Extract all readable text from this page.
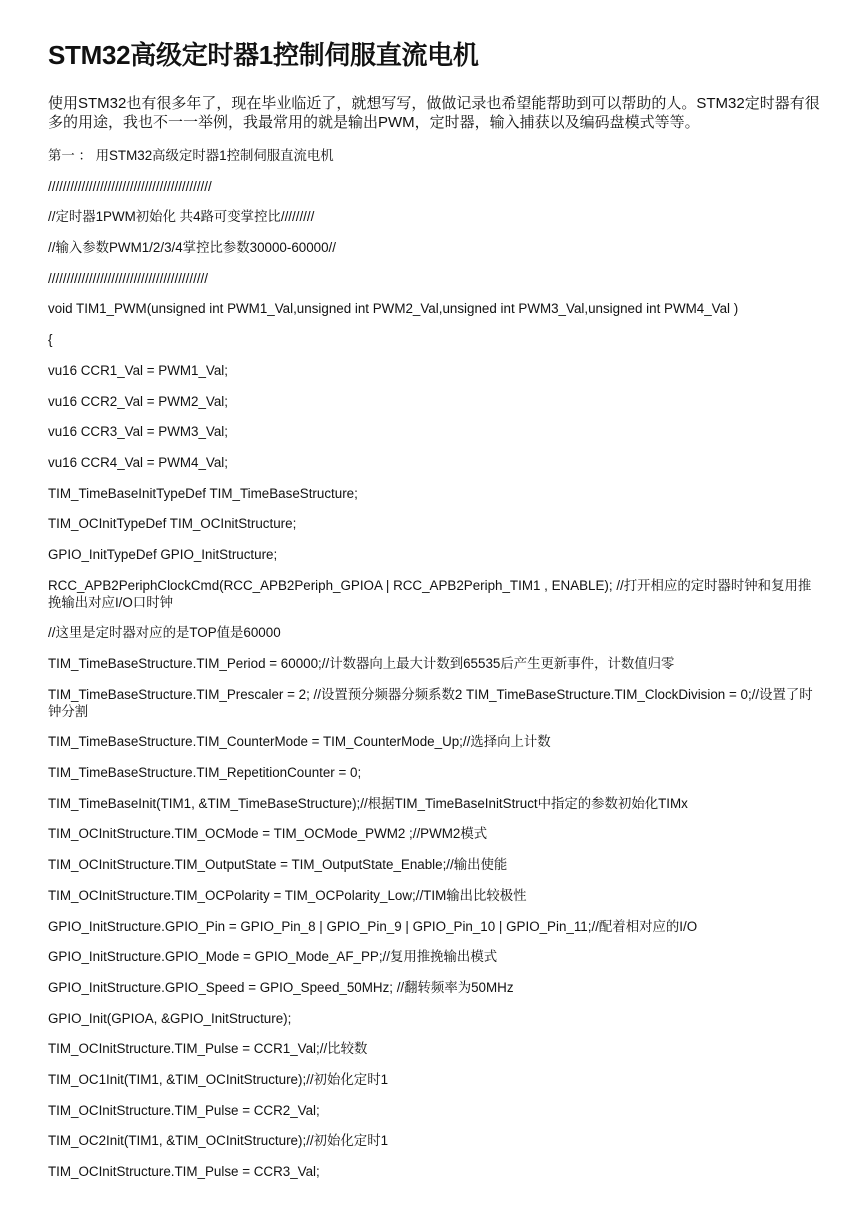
STM32高级定时器1控制伺服直流电机

使用STM32也有很多年了，现在毕业临近了，就想写写，做做记录也希望能帮助到可以帮助的人。STM32定时器有很多的用途，我也不一一举例，我最常用的就是输出PWM，定时器，输入捕获以及编码盘模式等等。

第一 ： 用STM32高级定时器1控制伺服直流电机

////////////////////////////////////////////

//定时器1PWM初始化 共4路可变掌控比/////////

//输入参数PWM1/2/3/4掌控比参数30000-60000//

///////////////////////////////////////////

void TIM1_PWM(unsigned int PWM1_Val,unsigned int PWM2_Val,unsigned int PWM3_Val,unsigned int PWM4_Val )

{

vu16 CCR1_Val = PWM1_Val;

vu16 CCR2_Val = PWM2_Val;

vu16 CCR3_Val = PWM3_Val;

vu16 CCR4_Val = PWM4_Val;

TIM_TimeBaseInitTypeDef TIM_TimeBaseStructure;

TIM_OCInitTypeDef TIM_OCInitStructure;

GPIO_InitTypeDef GPIO_InitStructure;

RCC_APB2PeriphClockCmd(RCC_APB2Periph_GPIOA | RCC_APB2Periph_TIM1 , ENABLE); //打开相应的定时器时钟和复用推挽输出对应I/O口时钟

//这里是定时器对应的是TOP值是60000

TIM_TimeBaseStructure.TIM_Period = 60000;//计数器向上最大计数到65535后产生更新事件，计数值归零

TIM_TimeBaseStructure.TIM_Prescaler = 2; //设置预分频器分频系数2 TIM_TimeBaseStructure.TIM_ClockDivision = 0;//设置了时钟分割

TIM_TimeBaseStructure.TIM_CounterMode = TIM_CounterMode_Up;//选择向上计数

TIM_TimeBaseStructure.TIM_RepetitionCounter = 0;

TIM_TimeBaseInit(TIM1, &TIM_TimeBaseStructure);//根据TIM_TimeBaseInitStruct中指定的参数初始化TIMx

TIM_OCInitStructure.TIM_OCMode = TIM_OCMode_PWM2 ;//PWM2模式

TIM_OCInitStructure.TIM_OutputState = TIM_OutputState_Enable;//输出使能

TIM_OCInitStructure.TIM_OCPolarity = TIM_OCPolarity_Low;//TIM输出比较极性

GPIO_InitStructure.GPIO_Pin = GPIO_Pin_8 | GPIO_Pin_9 | GPIO_Pin_10 | GPIO_Pin_11;//配着相对应的I/O

GPIO_InitStructure.GPIO_Mode = GPIO_Mode_AF_PP;//复用推挽输出模式

GPIO_InitStructure.GPIO_Speed = GPIO_Speed_50MHz; //翻转频率为50MHz

GPIO_Init(GPIOA, &GPIO_InitStructure);

TIM_OCInitStructure.TIM_Pulse = CCR1_Val;//比较数

TIM_OC1Init(TIM1, &TIM_OCInitStructure);//初始化定时1

TIM_OCInitStructure.TIM_Pulse = CCR2_Val;

TIM_OC2Init(TIM1, &TIM_OCInitStructure);//初始化定时1

TIM_OCInitStructure.TIM_Pulse = CCR3_Val;
